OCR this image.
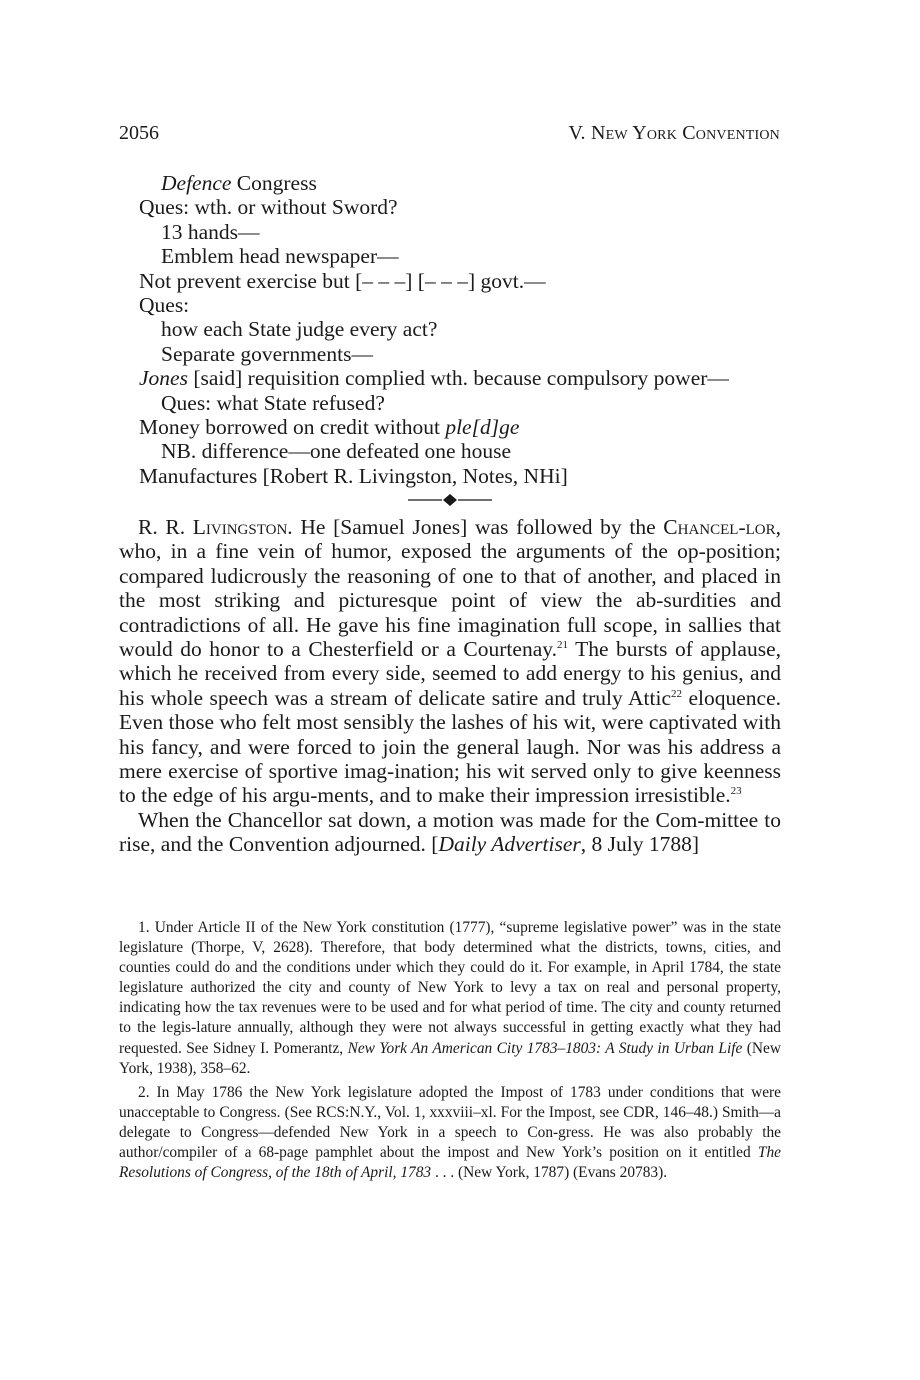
2056	V. New York Convention
Defence Congress
Ques: wth. or without Sword?
13 hands—
Emblem head newspaper—
Not prevent exercise but [– – –] [– – –] govt.—
Ques:
how each State judge every act?
Separate governments—
Jones [said] requisition complied wth. because compulsory power—
Ques: what State refused?
Money borrowed on credit without ple[d]ge
NB. difference—one defeated one house
Manufactures [Robert R. Livingston, Notes, NHi]

R. R. Livingston. He [Samuel Jones] was followed by the Chancel-lor, who, in a fine vein of humor, exposed the arguments of the op-position; compared ludicrously the reasoning of one to that of another, and placed in the most striking and picturesque point of view the ab-surdities and contradictions of all. He gave his fine imagination full scope, in sallies that would do honor to a Chesterfield or a Courtenay.$^{21}$ The bursts of applause, which he received from every side, seemed to add energy to his genius, and his whole speech was a stream of delicate satire and truly Attic$^{22}$ eloquence. Even those who felt most sensibly the lashes of his wit, were captivated with his fancy, and were forced to join the general laugh. Nor was his address a mere exercise of sportive imag-ination; his wit served only to give keenness to the edge of his argu-ments, and to make their impression irresistible.$^{23}$

When the Chancellor sat down, a motion was made for the Com-mittee to rise, and the Convention adjourned. [Daily Advertiser, 8 July 1788]

1. Under Article II of the New York constitution (1777), “supreme legislative power” was in the state legislature (Thorpe, V, 2628). Therefore, that body determined what the districts, towns, cities, and counties could do and the conditions under which they could do it. For example, in April 1784, the state legislature authorized the city and county of New York to levy a tax on real and personal property, indicating how the tax revenues were to be used and for what period of time. The city and county returned to the legis-lature annually, although they were not always successful in getting exactly what they had requested. See Sidney I. Pomerantz, New York An American City 1783–1803: A Study in Urban Life (New York, 1938), 358–62.

2. In May 1786 the New York legislature adopted the Impost of 1783 under conditions that were unacceptable to Congress. (See RCS:N.Y., Vol. 1, xxxviii–xl. For the Impost, see CDR, 146–48.) Smith—a delegate to Congress—defended New York in a speech to Con-gress. He was also probably the author/compiler of a 68-page pamphlet about the impost and New York’s position on it entitled The Resolutions of Congress, of the 18th of April, 1783 . . . (New York, 1787) (Evans 20783).
